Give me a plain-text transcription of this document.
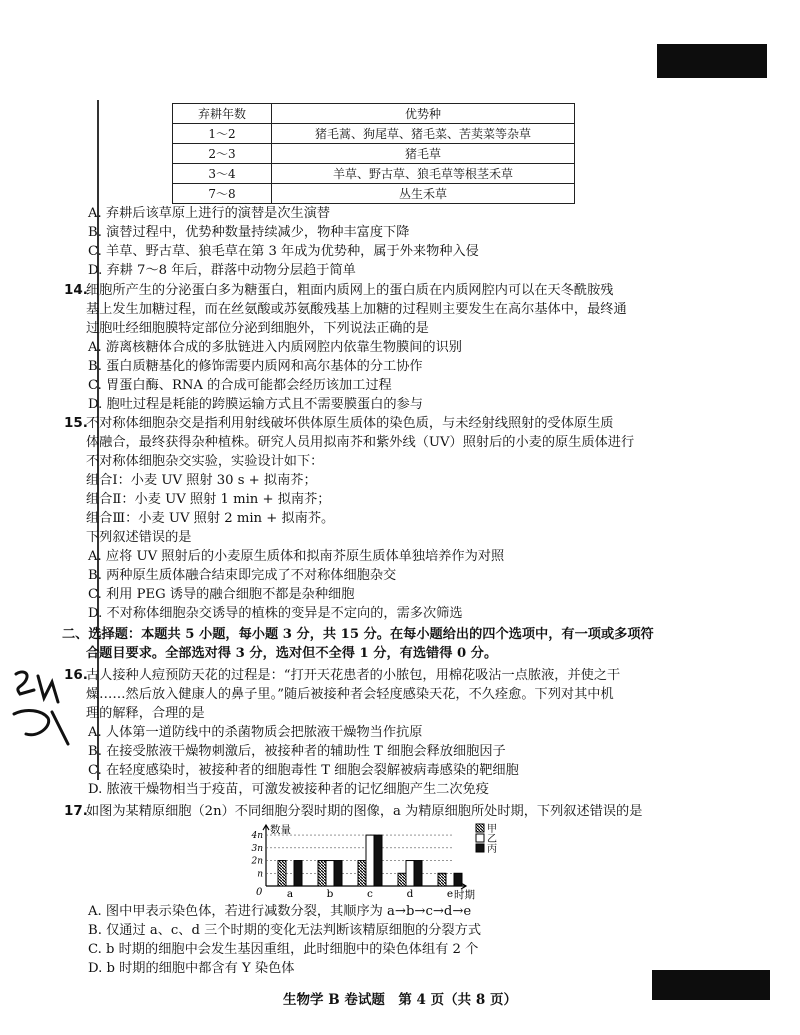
弃耕年数	优势种
1～2	猪毛蒿、狗尾草、猪毛菜、苦荬菜等杂草
2～3	猪毛草
3～4	羊草、野古草、狼毛草等根茎禾草
7～8	丛生禾草
A. 弃耕后该草原上进行的演替是次生演替
B. 演替过程中，优势种数量持续减少，物种丰富度下降
C. 羊草、野古草、狼毛草在第 3 年成为优势种，属于外来物种入侵
D. 弃耕 7～8 年后，群落中动物分层趋于简单
14.
细胞所产生的分泌蛋白多为糖蛋白，粗面内质网上的蛋白质在内质网腔内可以在天冬酰胺残
基上发生加糖过程，而在丝氨酸或苏氨酸残基上加糖的过程则主要发生在高尔基体中，最终通
过胞吐经细胞膜特定部位分泌到细胞外，下列说法正确的是
A. 游离核糖体合成的多肽链进入内质网腔内依靠生物膜间的识别
B. 蛋白质糖基化的修饰需要内质网和高尔基体的分工协作
C. 胃蛋白酶、RNA 的合成可能都会经历该加工过程
D. 胞吐过程是耗能的跨膜运输方式且不需要膜蛋白的参与
15.
不对称体细胞杂交是指利用射线破坏供体原生质体的染色质，与未经射线照射的受体原生质
体融合，最终获得杂种植株。研究人员用拟南芥和紫外线（UV）照射后的小麦的原生质体进行
不对称体细胞杂交实验，实验设计如下：
组合Ⅰ：小麦 UV 照射 30 s + 拟南芥；
组合Ⅱ：小麦 UV 照射 1 min + 拟南芥；
组合Ⅲ：小麦 UV 照射 2 min + 拟南芥。
下列叙述错误的是
A. 应将 UV 照射后的小麦原生质体和拟南芥原生质体单独培养作为对照
B. 两种原生质体融合结束即完成了不对称体细胞杂交
C. 利用 PEG 诱导的融合细胞不都是杂种细胞
D. 不对称体细胞杂交诱导的植株的变异是不定向的，需多次筛选
二、选择题：本题共 5 小题，每小题 3 分，共 15 分。在每小题给出的四个选项中，有一项或多项符
合题目要求。全部选对得 3 分，选对但不全得 1 分，有选错得 0 分。
16.
古人接种人痘预防天花的过程是：“打开天花患者的小脓包，用棉花吸沾一点脓液，并使之干
燥……然后放入健康人的鼻子里。”随后被接种者会轻度感染天花，不久痊愈。下列对其中机
理的解释，合理的是
A. 人体第一道防线中的杀菌物质会把脓液干燥物当作抗原
B. 在接受脓液干燥物刺激后，被接种者的辅助性 T 细胞会释放细胞因子
C. 在轻度感染时，被接种者的细胞毒性 T 细胞会裂解被病毒感染的靶细胞
D. 脓液干燥物相当于疫苗，可激发被接种者的记忆细胞产生二次免疫
17.
如图为某精原细胞（2n）不同细胞分裂时期的图像，a 为精原细胞所处时期，下列叙述错误的是
数量
时期
0
4n
3n
2n
n
a	b	c	d	e
甲
乙
丙
A. 图中甲表示染色体，若进行减数分裂，其顺序为 a→b→c→d→e
B. 仅通过 a、c、d 三个时期的变化无法判断该精原细胞的分裂方式
C. b 时期的细胞中会发生基因重组，此时细胞中的染色体组有 2 个
D. b 时期的细胞中都含有 Y 染色体
生物学 B 卷试题　第 4 页（共 8 页）
